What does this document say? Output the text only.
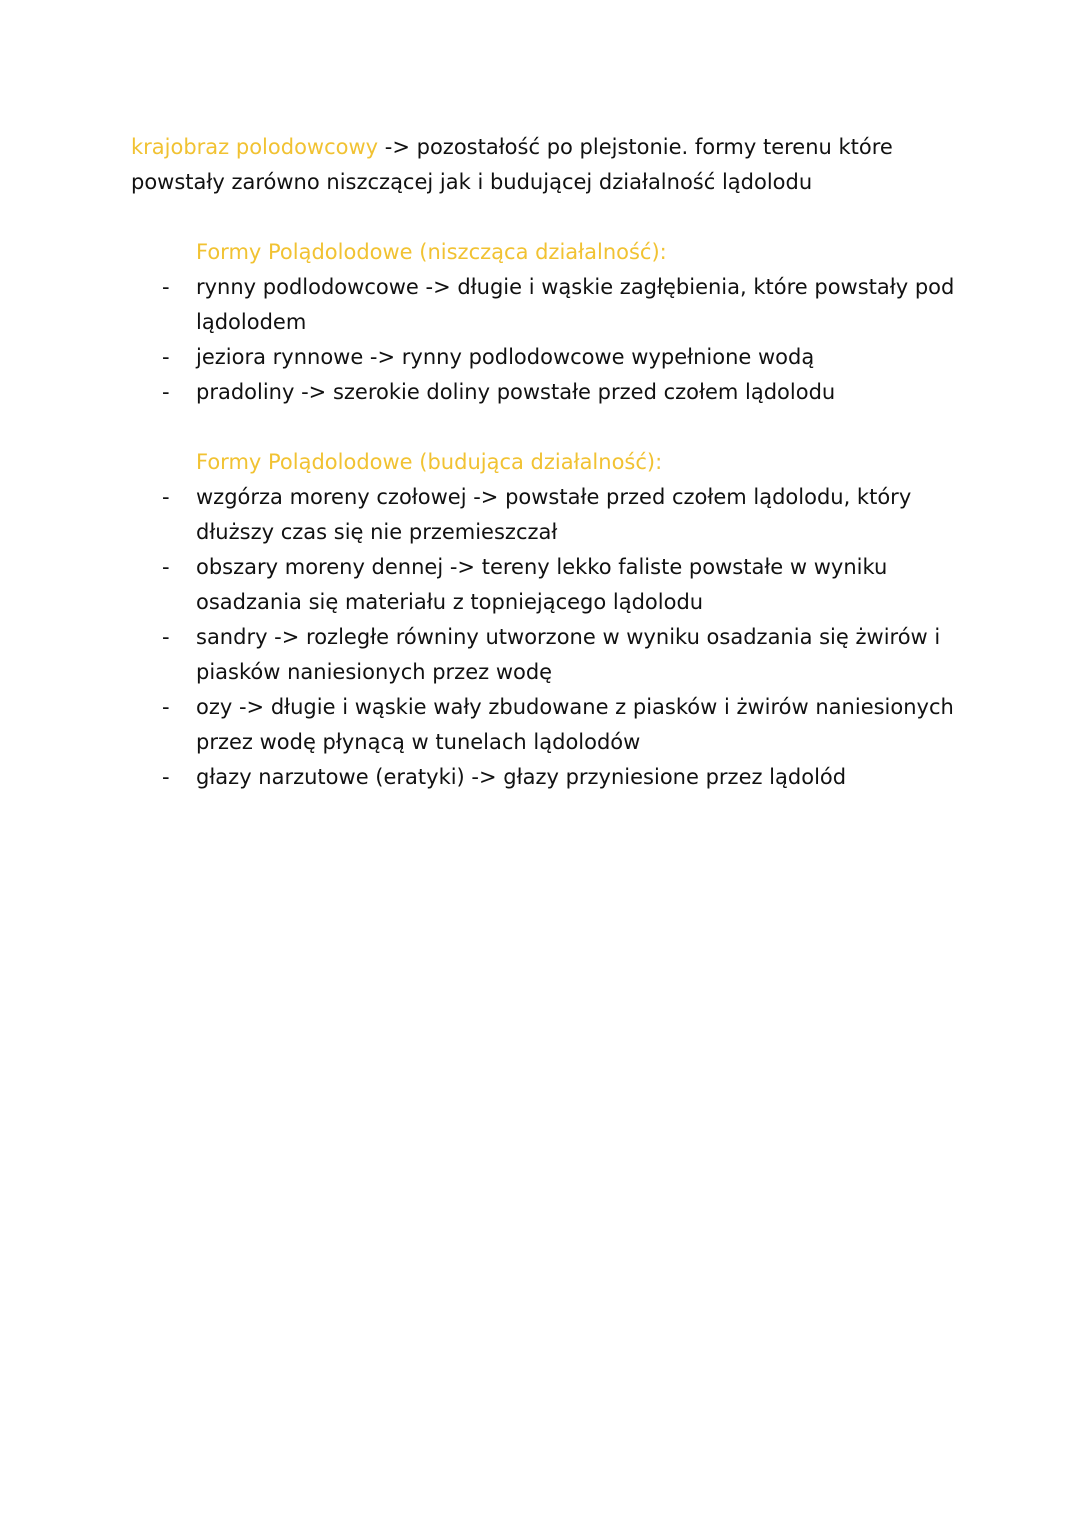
krajobraz polodowcowy -> pozostałość po plejstonie. formy terenu które powstały zarówno niszczącej jak i budującej działalność lądolodu

Formy Polądolodowe (niszcząca działalność):

-	rynny podlodowcowe -> długie i wąskie zagłębienia, które powstały pod lądolodem
-	jeziora rynnowe -> rynny podlodowcowe wypełnione wodą
-	pradoliny -> szerokie doliny powstałe przed czołem lądolodu

Formy Polądolodowe (budująca działalność):

-	wzgórza moreny czołowej -> powstałe przed czołem lądolodu, który dłuższy czas się nie przemieszczał
-	obszary moreny dennej -> tereny lekko faliste powstałe w wyniku osadzania się materiału z topniejącego lądolodu
-	sandry -> rozległe równiny utworzone w wyniku osadzania się żwirów i piasków naniesionych przez wodę
-	ozy -> długie i wąskie wały zbudowane z piasków i żwirów naniesionych przez wodę płynącą w tunelach lądolodów
-	głazy narzutowe (eratyki) -> głazy przyniesione przez lądolód
